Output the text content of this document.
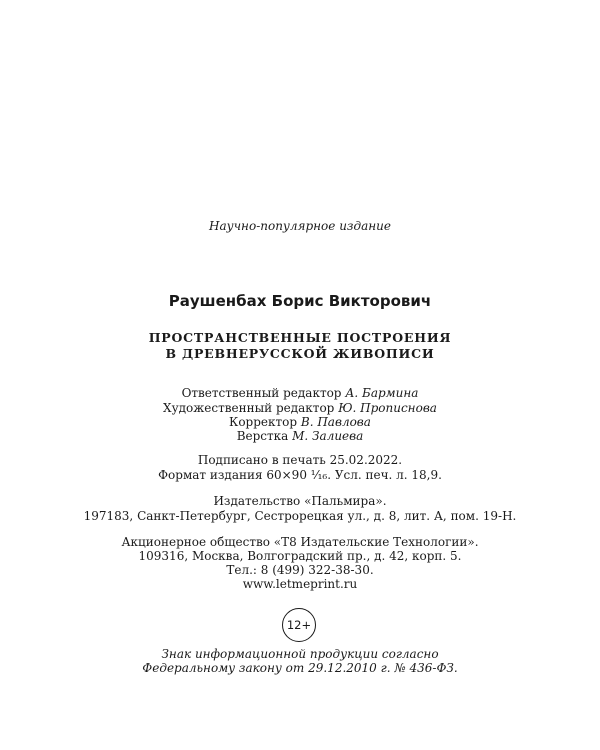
Научно-популярное издание
Раушенбах Борис Викторович
ПРОСТРАНСТВЕННЫЕ ПОСТРОЕНИЯ
В ДРЕВНЕРУССКОЙ ЖИВОПИСИ
Ответственный редактор А. Бармина
Художественный редактор Ю. Прописнова
Корректор В. Павлова
Верстка М. Залиева
Подписано в печать 25.02.2022.
Формат издания 60×90 ¹⁄₁₆. Усл. печ. л. 18,9.
Издательство «Пальмира».
197183, Санкт-Петербург, Сестрорецкая ул., д. 8, лит. А, пом. 19-Н.
Акционерное общество «Т8 Издательские Технологии».
109316, Москва, Волгоградский пр., д. 42, корп. 5.
Тел.: 8 (499) 322-38-30.
www.letmeprint.ru
12+
Знак информационной продукции согласно
Федеральному закону от 29.12.2010 г. № 436-ФЗ.
